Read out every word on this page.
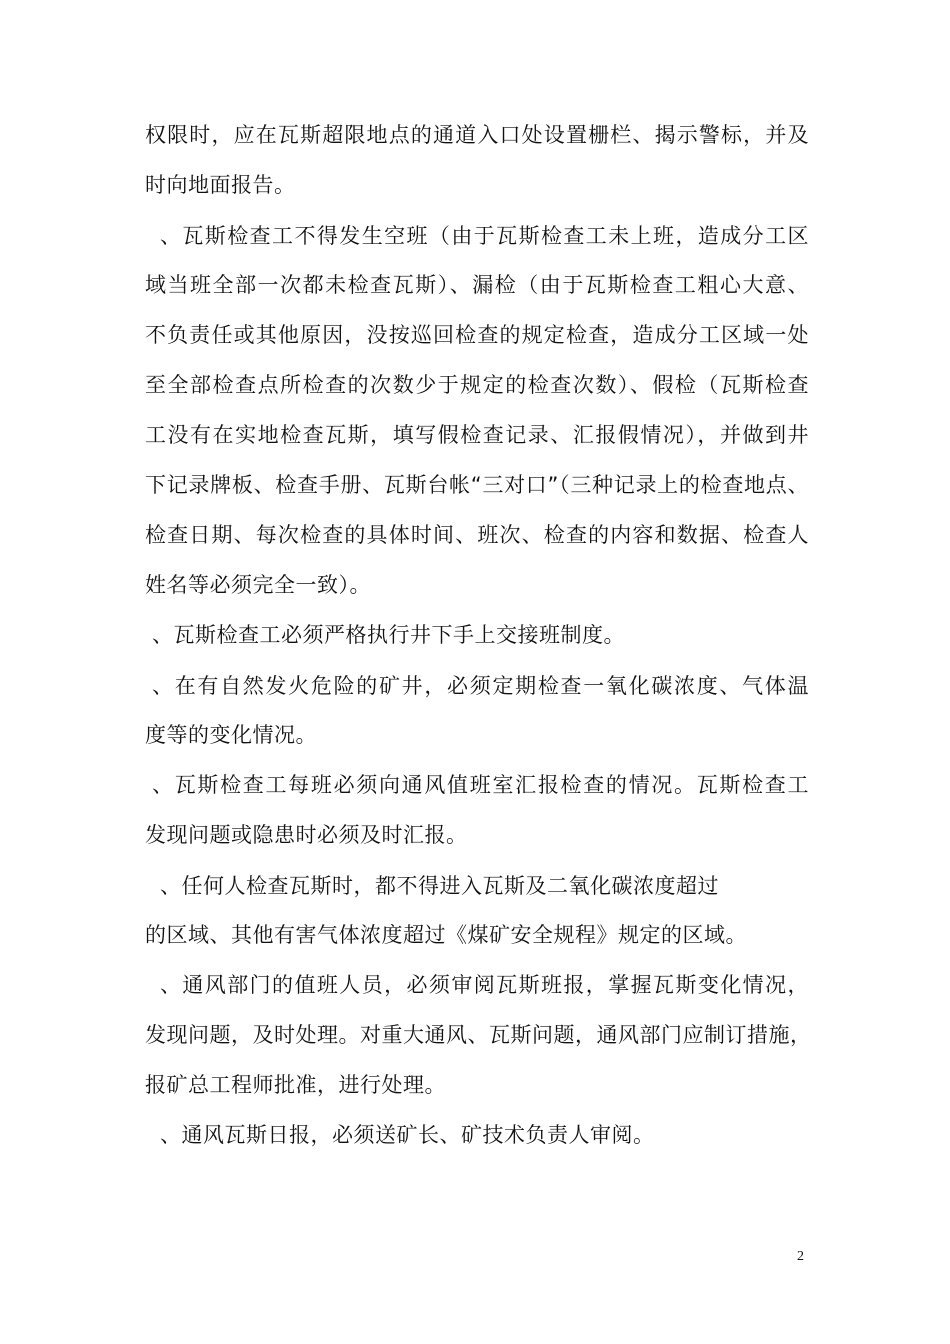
权限时，应在瓦斯超限地点的通道入口处设置栅栏、揭示警标，并及
时向地面报告。
、瓦斯检查工不得发生空班（由于瓦斯检查工未上班，造成分工区
域当班全部一次都未检查瓦斯）、漏检（由于瓦斯检查工粗心大意、
不负责任或其他原因，没按巡回检查的规定检查，造成分工区域一处
至全部检查点所检查的次数少于规定的检查次数）、假检（瓦斯检查
工没有在实地检查瓦斯，填写假检查记录、汇报假情况），并做到井
下记录牌板、检查手册、瓦斯台帐“三对口”（三种记录上的检查地点、
检查日期、每次检查的具体时间、班次、检查的内容和数据、检查人
姓名等必须完全一致）。
、瓦斯检查工必须严格执行井下手上交接班制度。
、在有自然发火危险的矿井，必须定期检查一氧化碳浓度、气体温
度等的变化情况。
、瓦斯检查工每班必须向通风值班室汇报检查的情况。瓦斯检查工
发现问题或隐患时必须及时汇报。
、任何人检查瓦斯时，都不得进入瓦斯及二氧化碳浓度超过
的区域、其他有害气体浓度超过《煤矿安全规程》规定的区域。
、通风部门的值班人员，必须审阅瓦斯班报，掌握瓦斯变化情况，
发现问题，及时处理。对重大通风、瓦斯问题，通风部门应制订措施，
报矿总工程师批准，进行处理。
、通风瓦斯日报，必须送矿长、矿技术负责人审阅。
2
